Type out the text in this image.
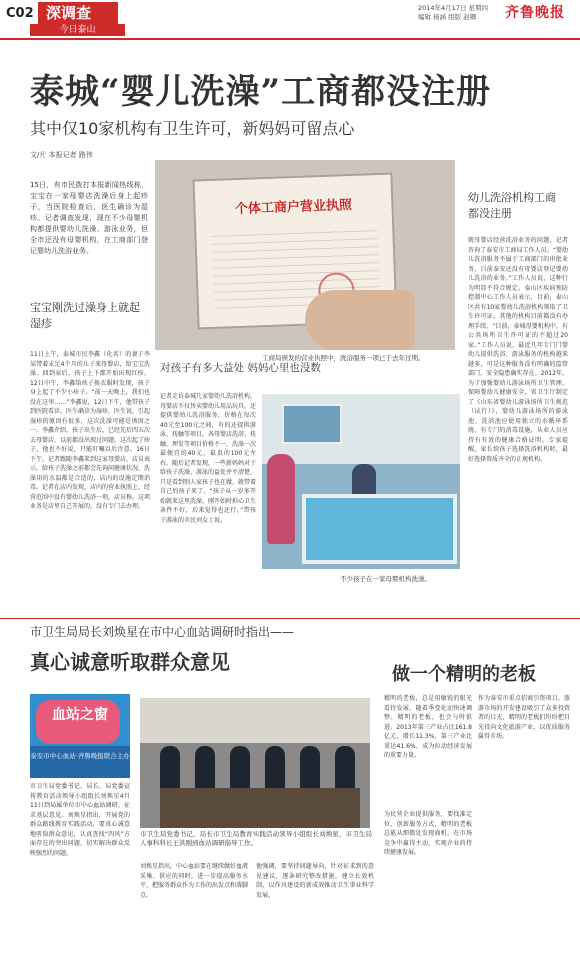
C02 深调查
今日泰山
2014年4月17日 星期四
编辑 杨涵 组版 赵卿	齐鲁晚报
泰城“婴儿洗澡”工商都没注册
其中仅10家机构有卫生许可，新妈妈可留点心
文/片 本报记者 路伟
15日，有市民拨打本报新闻热线称，宝宝在一家母婴店洗澡后身上起疹子，当医院检查后，医生确诊为湿疹。记者调查发现，现在不少母婴机构都提供婴幼儿洗澡、游泳业务，但全市还没有母婴机构，在工商部门登记婴幼儿洗浴业务。
宝宝刚洗过澡身上就起湿疹
11日上午，泰城市民李鑫（化名）的妻子李某带着未足4个月的儿子来母婴店，给宝宝洗澡。回到家后，孩子上下都开始出现红疹。12日中午，李鑫给孩子换衣服时发现，孩子身上起了不少小疹子。“前一天晚上，我们也没在这里……”李鑫说，12日下午，他带孩子到医院看诊，医生确诊为湿疹，医生说，引起湿疹的原因有很多，这次洗澡可能是诱因之一。李鑫介绍，孩子出生后，已经先后四五次去母婴店，以前都没出现过问题，这次起了疹子，他也不好说，只能叮嘱以后注意。16日下午，记者跟随李鑫来到这家母婴店，店员表示，给孩子洗澡之前都会先询问健康状况，洗澡用的水温都是合适的，店内的设施定期消毒。记者在店内发现，店内的营业执照上，经营范围中没有婴幼儿洗浴一项，店员称，这项业务是店里自己开展的，没有专门去办理。
个体工商户营业执照
工商局颁发的营业执照中，洗浴服务一项已于去年过期。
对孩子有多大益处 妈妈心里也没数
记者走访泰城几家婴幼儿洗浴机构，母婴店不仅售卖婴幼儿用品玩具，还提供婴幼儿洗浴服务，价格在每次40元至100元之间，有的还提供游泳、抚触等项目。各母婴店洗浴、抚触、理发等项目价格不一，洗澡一次最便宜的40元，最贵的100元左右。随后记者发现，一些新妈妈对于给孩子洗澡、游泳的益处并不清楚，只是看到别人家孩子也在做，就带着自己的孩子来了。“孩子从一岁多开始就来这里洗澡，刚开始时担心卫生条件不好，后来觉得也还行。”带孩子游泳的市民刘女士说。
不少孩子在一家母婴机构洗澡。
幼儿洗浴机构工商都没注册
就母婴店经营洗浴业务的问题，记者咨询了泰安市工商局工作人员。“婴幼儿洗浴服务不属于工商部门的审批业务，目前泰安还没有母婴店登记婴幼儿洗浴的业务。”工作人员说，这种行为明显不符合规定。泰山区疾病预防控制中心工作人员表示，目前，泰山区共有10家婴幼儿洗浴机构领取了卫生许可证，其他的机构目前都没有办理手续。“目前，泰城母婴机构中，有公共场所卫生许可证的不超过20家。”工作人员说，最近几年专门门婴幼儿提供洗浴、游泳服务的机构越来越多，可是这种服务没有明确的监管部门，安全隐患确实存在。2012年，为了加强婴幼儿游泳场所卫生管理，保障婴幼儿健康安全，省卫生厅制定了《山东省婴幼儿游泳场所卫生规范（试行）》，婴幼儿游泳场所的游泳池、洗浴池应使用独立的水循环系统，有专门的消毒设施，从业人员应持有有效的健康合格证明。专家提醒，家长给孩子选择洗浴机构时，最好选择资质齐全的正规机构。
市卫生局局长刘焕星在市中心血站调研时指出——
真心诚意听取群众意见
血站之窗
泰安市中心血站·齐鲁晚报联合主办
市卫生局党委书记、局长、局党委宣传教育活动领导小组组长刘焕星4月11日到局属单位市中心血站调研，征求基层意见。刘焕星指出，开展党的群众路线教育实践活动，要真心诚意地听取群众意见，认真查找“四风”方面存在的突出问题，切实解决群众反映强烈的问题。
市卫生局党委书记、局长市卫生局教育实践活动领导小组组长刘焕星，市卫生局人事科科长王洪刚到血站调研指导工作。
刘焕星指出，中心血站要在继续做好血液采集、供应的同时，进一步提高服务水平，把服务群众作为工作的出发点和落脚点。
他强调，要坚持问题导向，针对征求到的意见建议，逐条研究整改措施，建立长效机制，以作风建设的新成效推动卫生事业科学发展。
做一个精明的老板
精明的老板，总是用敏锐的眼光看待发展，随着季变化而快速调整，精明的老板，也会与时俱进。2013年第三产业占比161.8亿元，增长11.3%，第三产业比重达41.6%，成为拉动经济发展的重要力量。
为民营企业提供服务，要找准定位，创新服务方式，精明的老板总能从细微处发现商机，在市场竞争中赢得主动，实现企业的持续健康发展。
作为泰安市重点招商引资项目，旅游市场的开发建设吸引了众多投资者的目光，精明的老板们纷纷把目光投向文化旅游产业，以优质服务赢得市场。
